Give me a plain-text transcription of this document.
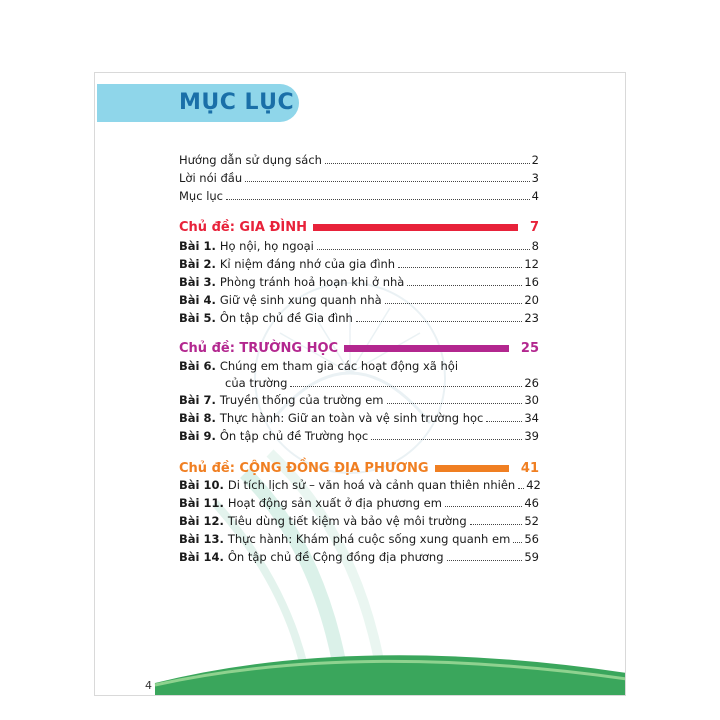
MỤC LỤC
Hướng dẫn sử dụng sách	2
Lời nói đầu	3
Mục lục	4
Chủ đề: GIA ĐÌNH	7
Bài 1. Họ nội, họ ngoại	8
Bài 2. Kỉ niệm đáng nhớ của gia đình	12
Bài 3. Phòng tránh hoả hoạn khi ở nhà	16
Bài 4. Giữ vệ sinh xung quanh nhà	20
Bài 5. Ôn tập chủ đề Gia đình	23
Chủ đề: TRƯỜNG HỌC	25
Bài 6. Chúng em tham gia các hoạt động xã hội
của trường	26
Bài 7. Truyền thống của trường em	30
Bài 8. Thực hành: Giữ an toàn và vệ sinh trường học	34
Bài 9. Ôn tập chủ đề Trường học	39
Chủ đề: CỘNG ĐỒNG ĐỊA PHƯƠNG	41
Bài 10. Di tích lịch sử – văn hoá và cảnh quan thiên nhiên 42
Bài 11. Hoạt động sản xuất ở địa phương em	46
Bài 12. Tiêu dùng tiết kiệm và bảo vệ môi trường	52
Bài 13. Thực hành: Khám phá cuộc sống xung quanh em 56
Bài 14. Ôn tập chủ đề Cộng đồng địa phương	59
4
